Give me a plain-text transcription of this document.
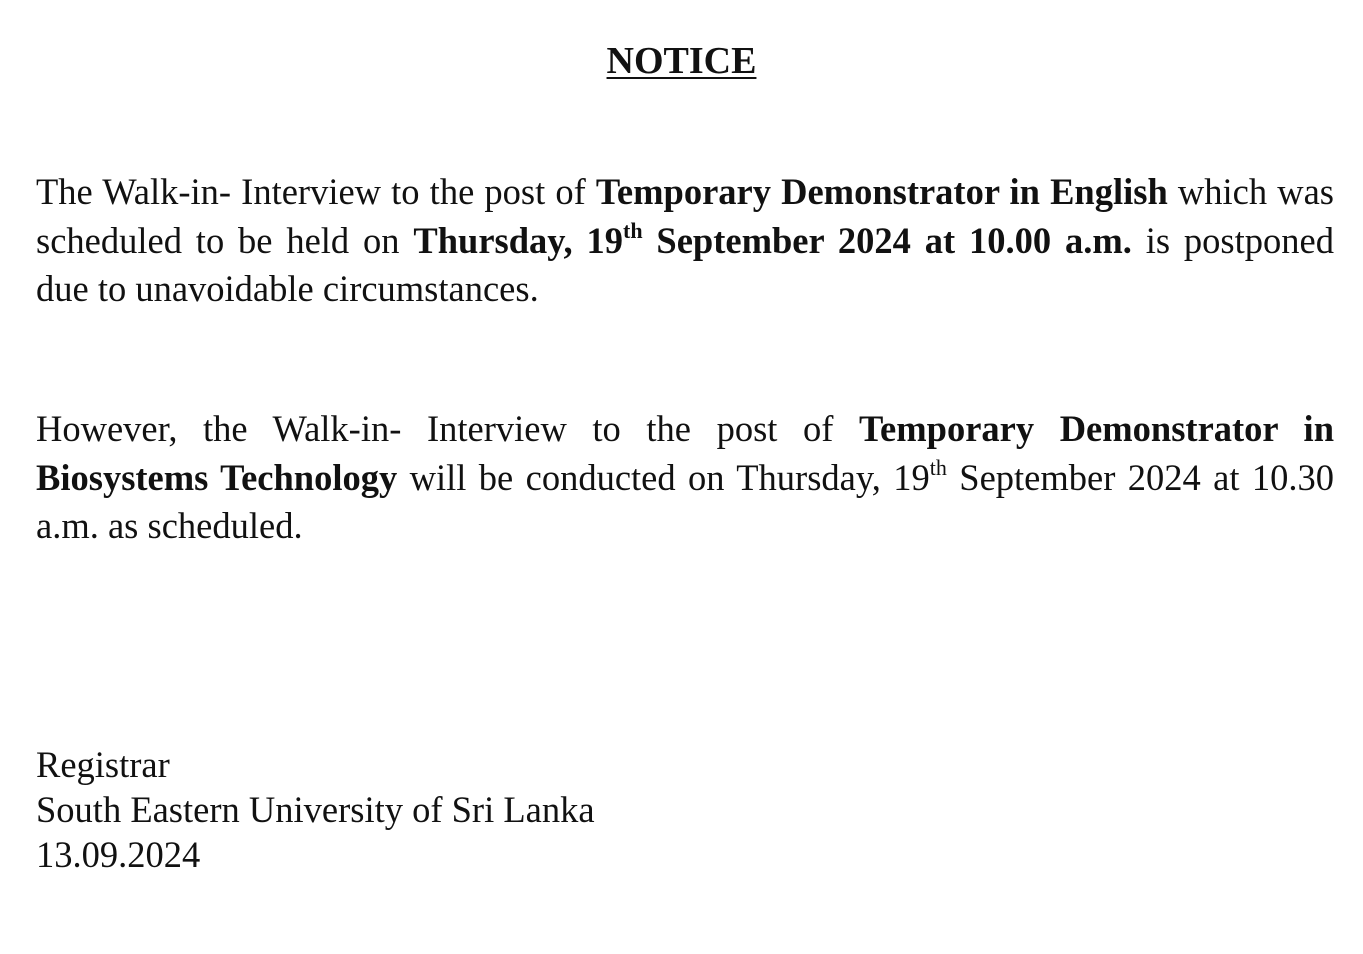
NOTICE

The Walk-in- Interview to the post of Temporary Demonstrator in English which was scheduled to be held on Thursday, 19th September 2024 at 10.00 a.m. is postponed due to unavoidable circumstances.

However, the Walk-in- Interview to the post of Temporary Demonstrator in Biosystems Technology will be conducted on Thursday, 19th September 2024 at 10.30 a.m. as scheduled.

Registrar
South Eastern University of Sri Lanka
13.09.2024
